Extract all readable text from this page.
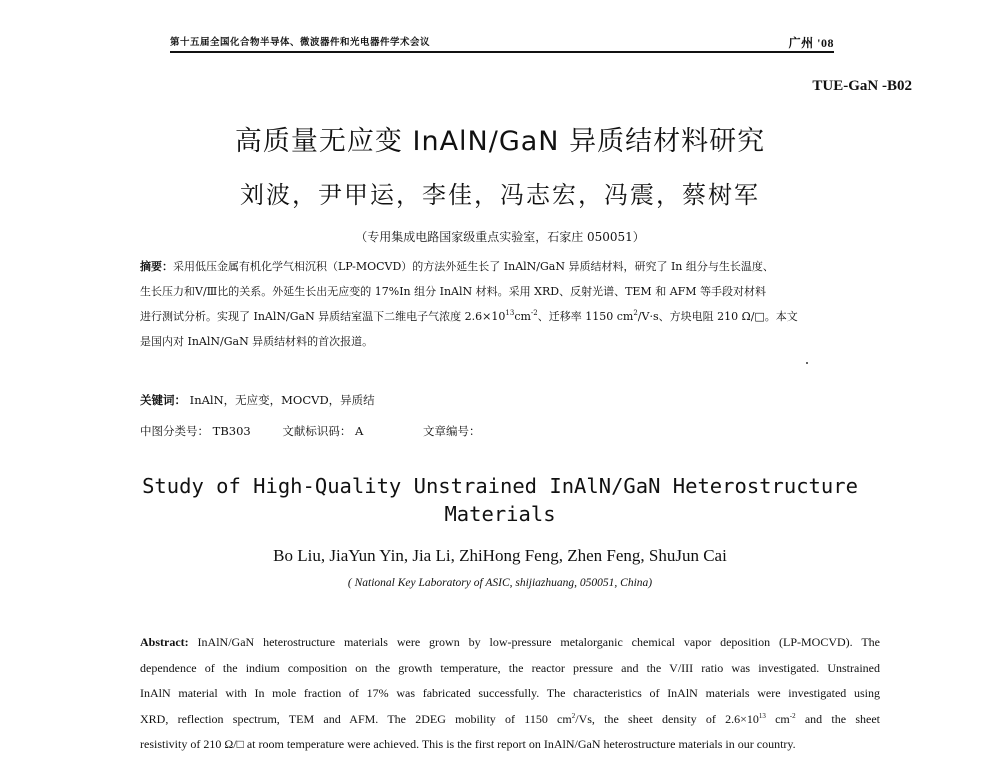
第十五届全国化合物半导体、微波器件和光电器件学术会议	广州 '08
TUE-GaN -B02
高质量无应变 InAlN/GaN 异质结材料研究
刘波，尹甲运，李佳，冯志宏，冯震，蔡树军
（专用集成电路国家级重点实验室，石家庄 050051）
摘要：采用低压金属有机化学气相沉积（LP-MOCVD）的方法外延生长了 InAlN/GaN 异质结材料，研究了 In 组分与生长温度、
生长压力和Ⅴ/Ⅲ比的关系。外延生长出无应变的 17%In 组分 InAlN 材料。采用 XRD、反射光谱、TEM 和 AFM 等手段对材料
进行测试分析。实现了 InAlN/GaN 异质结室温下二维电子气浓度 $2.6\times 10^{13}cm^{-2}$、迁移率 1150 $cm^2/V\cdot s$、方块电阻 210 Ω/□。本文
是国内对 InAlN/GaN 异质结材料的首次报道。
关键词： InAlN，无应变，MOCVD，异质结
中图分类号： TB303	文献标识码： A	文章编号：
Study of High-Quality Unstrained InAlN/GaN Heterostructure
Materials
Bo Liu, JiaYun Yin, Jia Li, ZhiHong Feng, Zhen Feng, ShuJun Cai
( National Key Laboratory of ASIC, shijiazhuang, 050051, China)
Abstract: InAlN/GaN heterostructure materials were grown by low-pressure metalorganic chemical vapor deposition (LP-MOCVD). The
dependence of the indium composition on the growth temperature, the reactor pressure and the V/III ratio was investigated. Unstrained
InAlN material with In mole fraction of 17% was fabricated successfully. The characteristics of InAlN materials were investigated using
XRD, reflection spectrum, TEM and AFM. The 2DEG mobility of 1150 $cm^2/Vs$, the sheet density of $2.6\times 10^{13}$ $cm^{-2}$ and the sheet
resistivity of 210 Ω/□ at room temperature were achieved. This is the first report on InAlN/GaN heterostructure materials in our country.
